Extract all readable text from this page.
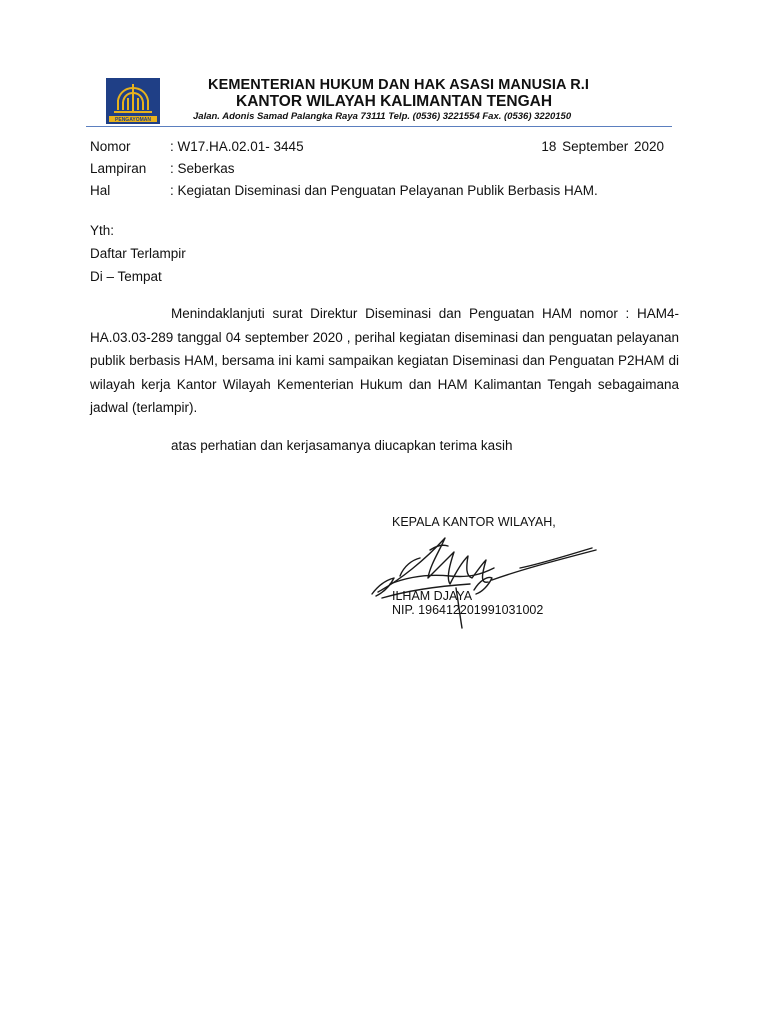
PENGAYOMAN
KEMENTERIAN HUKUM DAN HAK ASASI MANUSIA R.I
KANTOR WILAYAH KALIMANTAN TENGAH
Jalan. Adonis Samad Palangka Raya 73111 Telp. (0536) 3221554 Fax. (0536) 3220150
Nomor	: W17.HA.02.01- 3445	18 September 2020
Lampiran : Seberkas
Hal	: Kegiatan Diseminasi dan Penguatan Pelayanan Publik Berbasis HAM.
Yth:
Daftar Terlampir
Di – Tempat
Menindaklanjuti surat Direktur Diseminasi dan Penguatan HAM nomor : HAM4-HA.03.03-289 tanggal 04 september 2020 , perihal kegiatan diseminasi dan penguatan pelayanan publik berbasis HAM, bersama ini kami sampaikan kegiatan Diseminasi dan Penguatan P2HAM di wilayah kerja Kantor Wilayah Kementerian Hukum dan HAM Kalimantan Tengah sebagaimana jadwal (terlampir).
atas perhatian dan kerjasamanya diucapkan terima kasih
KEPALA KANTOR WILAYAH,
ILHAM DJAYA
NIP. 196412201991031002
